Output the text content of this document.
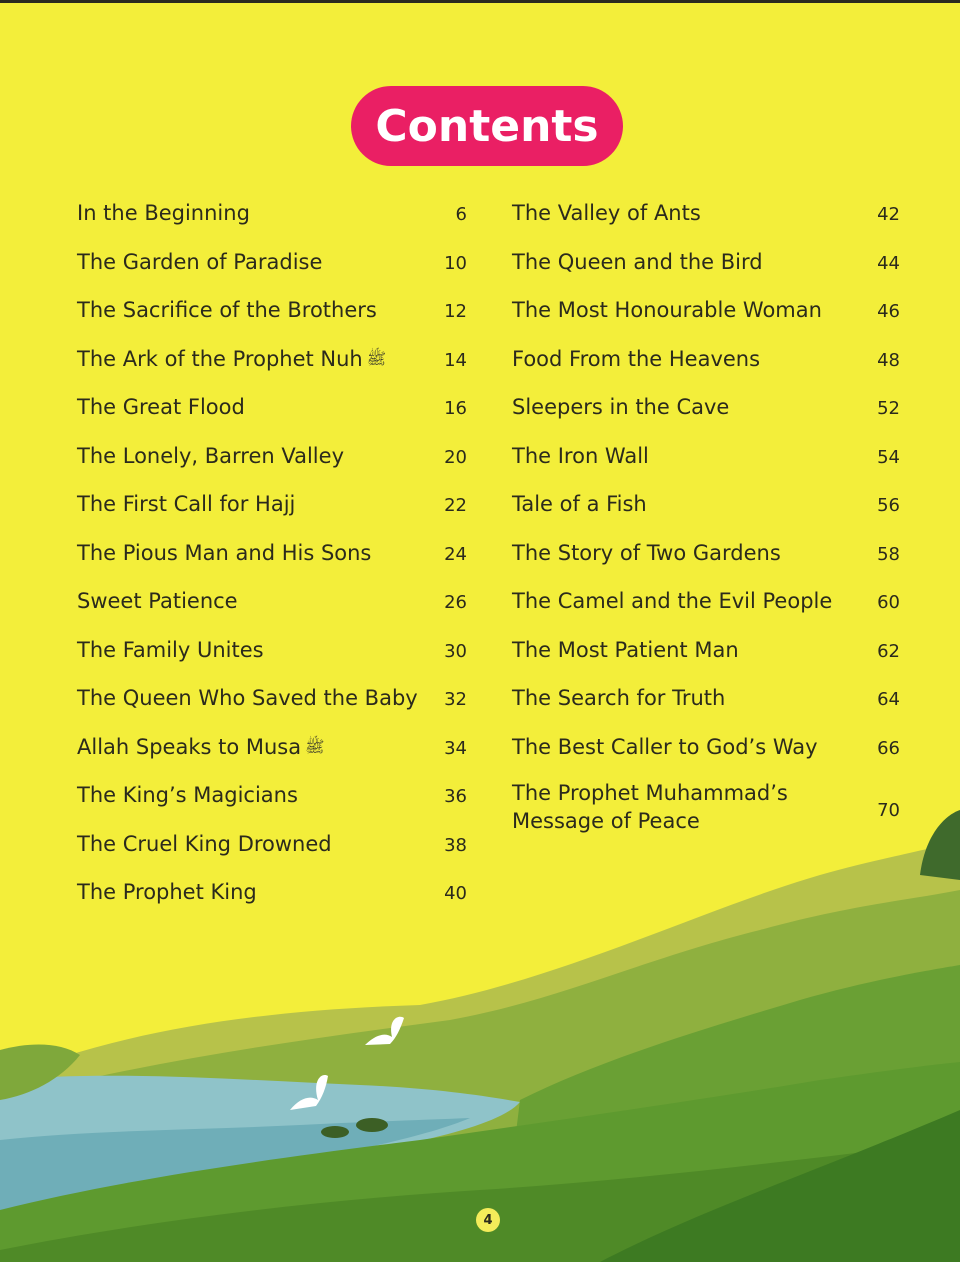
Contents
In the Beginning	6
The Garden of Paradise	10
The Sacrifice of the Brothers	12
The Ark of the Prophet Nuh ﷺ	14
The Great Flood	16
The Lonely, Barren Valley	20
The First Call for Hajj	22
The Pious Man and His Sons	24
Sweet Patience	26
The Family Unites	30
The Queen Who Saved the Baby 32
Allah Speaks to Musa ﷺ	34
The King’s Magicians	36
The Cruel King Drowned	38
The Prophet King	40
The Valley of Ants	42
The Queen and the Bird	44
The Most Honourable Woman	46
Food From the Heavens	48
Sleepers in the Cave	52
The Iron Wall	54
Tale of a Fish	56
The Story of Two Gardens	58
The Camel and the Evil People 60
The Most Patient Man	62
The Search for Truth	64
The Best Caller to God’s Way	66
The Prophet Muhammad’s Message of Peace	70
4
